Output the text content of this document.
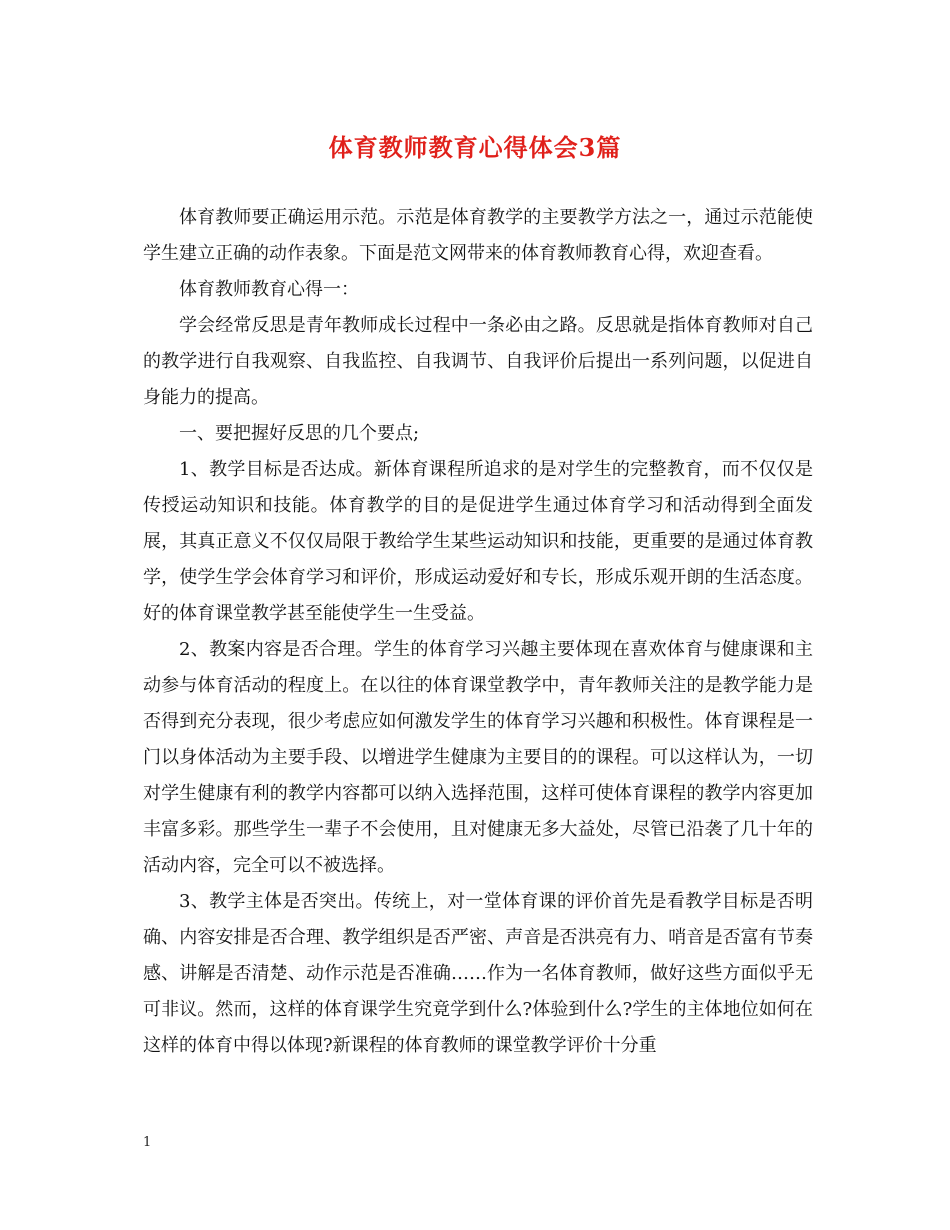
体育教师教育心得体会3篇

体育教师要正确运用示范。示范是体育教学的主要教学方法之一，通过示范能使学生建立正确的动作表象。下面是范文网带来的体育教师教育心得，欢迎查看。

体育教师教育心得一：

学会经常反思是青年教师成长过程中一条必由之路。反思就是指体育教师对自己的教学进行自我观察、自我监控、自我调节、自我评价后提出一系列问题，以促进自身能力的提高。

一、要把握好反思的几个要点;

1、教学目标是否达成。新体育课程所追求的是对学生的完整教育，而不仅仅是传授运动知识和技能。体育教学的目的是促进学生通过体育学习和活动得到全面发展，其真正意义不仅仅局限于教给学生某些运动知识和技能，更重要的是通过体育教学，使学生学会体育学习和评价，形成运动爱好和专长，形成乐观开朗的生活态度。好的体育课堂教学甚至能使学生一生受益。

2、教案内容是否合理。学生的体育学习兴趣主要体现在喜欢体育与健康课和主动参与体育活动的程度上。在以往的体育课堂教学中，青年教师关注的是教学能力是否得到充分表现，很少考虑应如何激发学生的体育学习兴趣和积极性。体育课程是一门以身体活动为主要手段、以增进学生健康为主要目的的课程。可以这样认为，一切对学生健康有利的教学内容都可以纳入选择范围，这样可使体育课程的教学内容更加丰富多彩。那些学生一辈子不会使用，且对健康无多大益处，尽管已沿袭了几十年的活动内容，完全可以不被选择。

3、教学主体是否突出。传统上，对一堂体育课的评价首先是看教学目标是否明确、内容安排是否合理、教学组织是否严密、声音是否洪亮有力、哨音是否富有节奏感、讲解是否清楚、动作示范是否准确……作为一名体育教师，做好这些方面似乎无可非议。然而，这样的体育课学生究竟学到什么?体验到什么?学生的主体地位如何在这样的体育中得以体现?新课程的体育教师的课堂教学评价十分重

1
